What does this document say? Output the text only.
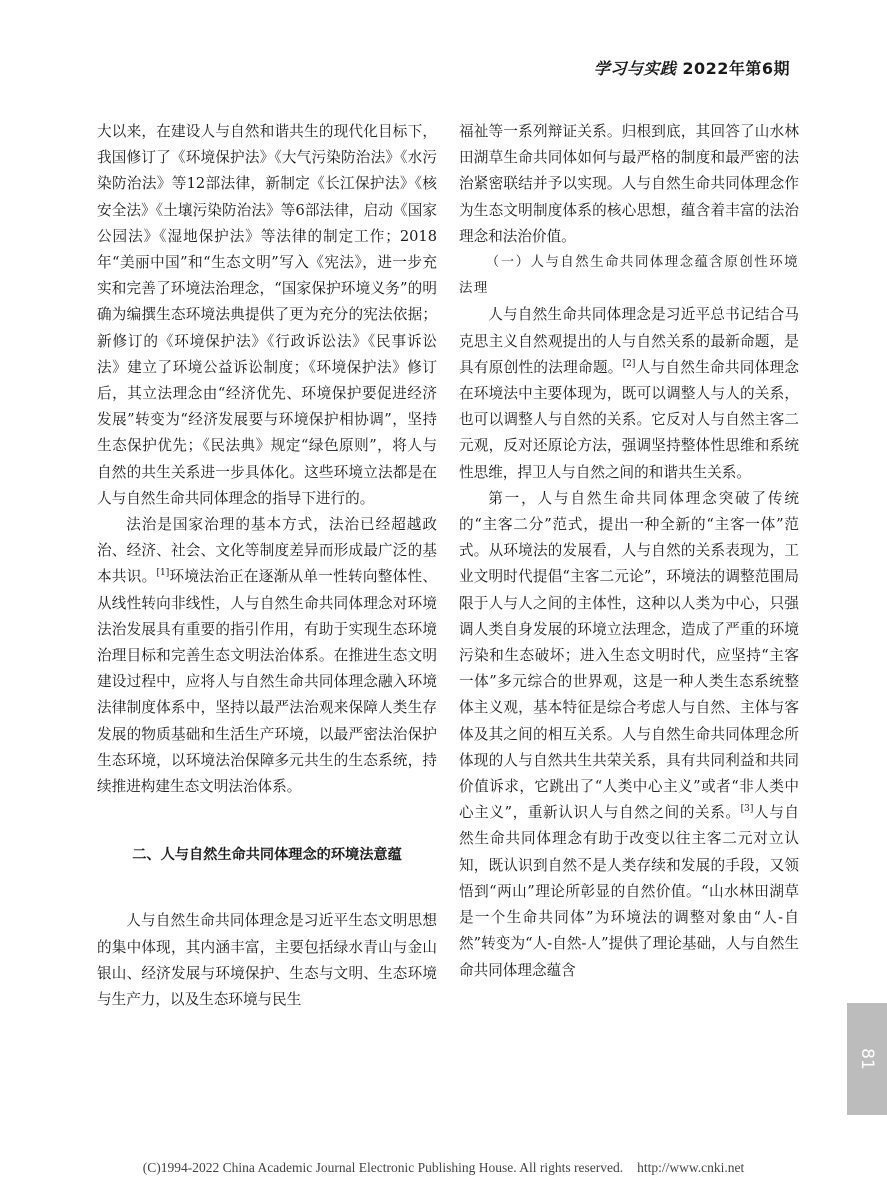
学习与实践 2022年第6期

大以来，在建设人与自然和谐共生的现代化目标下，我国修订了《环境保护法》《大气污染防治法》《水污染防治法》等12部法律，新制定《长江保护法》《核安全法》《土壤污染防治法》等6部法律，启动《国家公园法》《湿地保护法》等法律的制定工作；2018年“美丽中国”和“生态文明”写入《宪法》，进一步充实和完善了环境法治理念，“国家保护环境义务”的明确为编撰生态环境法典提供了更为充分的宪法依据；新修订的《环境保护法》《行政诉讼法》《民事诉讼法》建立了环境公益诉讼制度；《环境保护法》修订后，其立法理念由“经济优先、环境保护要促进经济发展”转变为“经济发展要与环境保护相协调”，坚持生态保护优先；《民法典》规定“绿色原则”，将人与自然的共生关系进一步具体化。这些环境立法都是在人与自然生命共同体理念的指导下进行的。

法治是国家治理的基本方式，法治已经超越政治、经济、社会、文化等制度差异而形成最广泛的基本共识。[1]环境法治正在逐渐从单一性转向整体性、从线性转向非线性，人与自然生命共同体理念对环境法治发展具有重要的指引作用，有助于实现生态环境治理目标和完善生态文明法治体系。在推进生态文明建设过程中，应将人与自然生命共同体理念融入环境法律制度体系中，坚持以最严法治观来保障人类生存发展的物质基础和生活生产环境，以最严密法治保护生态环境，以环境法治保障多元共生的生态系统，持续推进构建生态文明法治体系。

二、人与自然生命共同体理念的环境法意蕴

人与自然生命共同体理念是习近平生态文明思想的集中体现，其内涵丰富，主要包括绿水青山与金山银山、经济发展与环境保护、生态与文明、生态环境与生产力，以及生态环境与民生

福祉等一系列辩证关系。归根到底，其回答了山水林田湖草生命共同体如何与最严格的制度和最严密的法治紧密联结并予以实现。人与自然生命共同体理念作为生态文明制度体系的核心思想，蕴含着丰富的法治理念和法治价值。

（一）人与自然生命共同体理念蕴含原创性环境法理

人与自然生命共同体理念是习近平总书记结合马克思主义自然观提出的人与自然关系的最新命题，是具有原创性的法理命题。[2]人与自然生命共同体理念在环境法中主要体现为，既可以调整人与人的关系，也可以调整人与自然的关系。它反对人与自然主客二元观，反对还原论方法，强调坚持整体性思维和系统性思维，捍卫人与自然之间的和谐共生关系。

第一，人与自然生命共同体理念突破了传统的“主客二分”范式，提出一种全新的“主客一体”范式。从环境法的发展看，人与自然的关系表现为，工业文明时代提倡“主客二元论”，环境法的调整范围局限于人与人之间的主体性，这种以人类为中心，只强调人类自身发展的环境立法理念，造成了严重的环境污染和生态破坏；进入生态文明时代，应坚持“主客一体”多元综合的世界观，这是一种人类生态系统整体主义观，基本特征是综合考虑人与自然、主体与客体及其之间的相互关系。人与自然生命共同体理念所体现的人与自然共生共荣关系，具有共同利益和共同价值诉求，它跳出了“人类中心主义”或者“非人类中心主义”，重新认识人与自然之间的关系。[3]人与自然生命共同体理念有助于改变以往主客二元对立认知，既认识到自然不是人类存续和发展的手段，又领悟到“两山”理论所彰显的自然价值。“山水林田湖草是一个生命共同体”为环境法的调整对象由“人-自然”转变为“人-自然-人”提供了理论基础，人与自然生命共同体理念蕴含

81
(C)1994-2022 China Academic Journal Electronic Publishing House. All rights reserved. http://www.cnki.net
